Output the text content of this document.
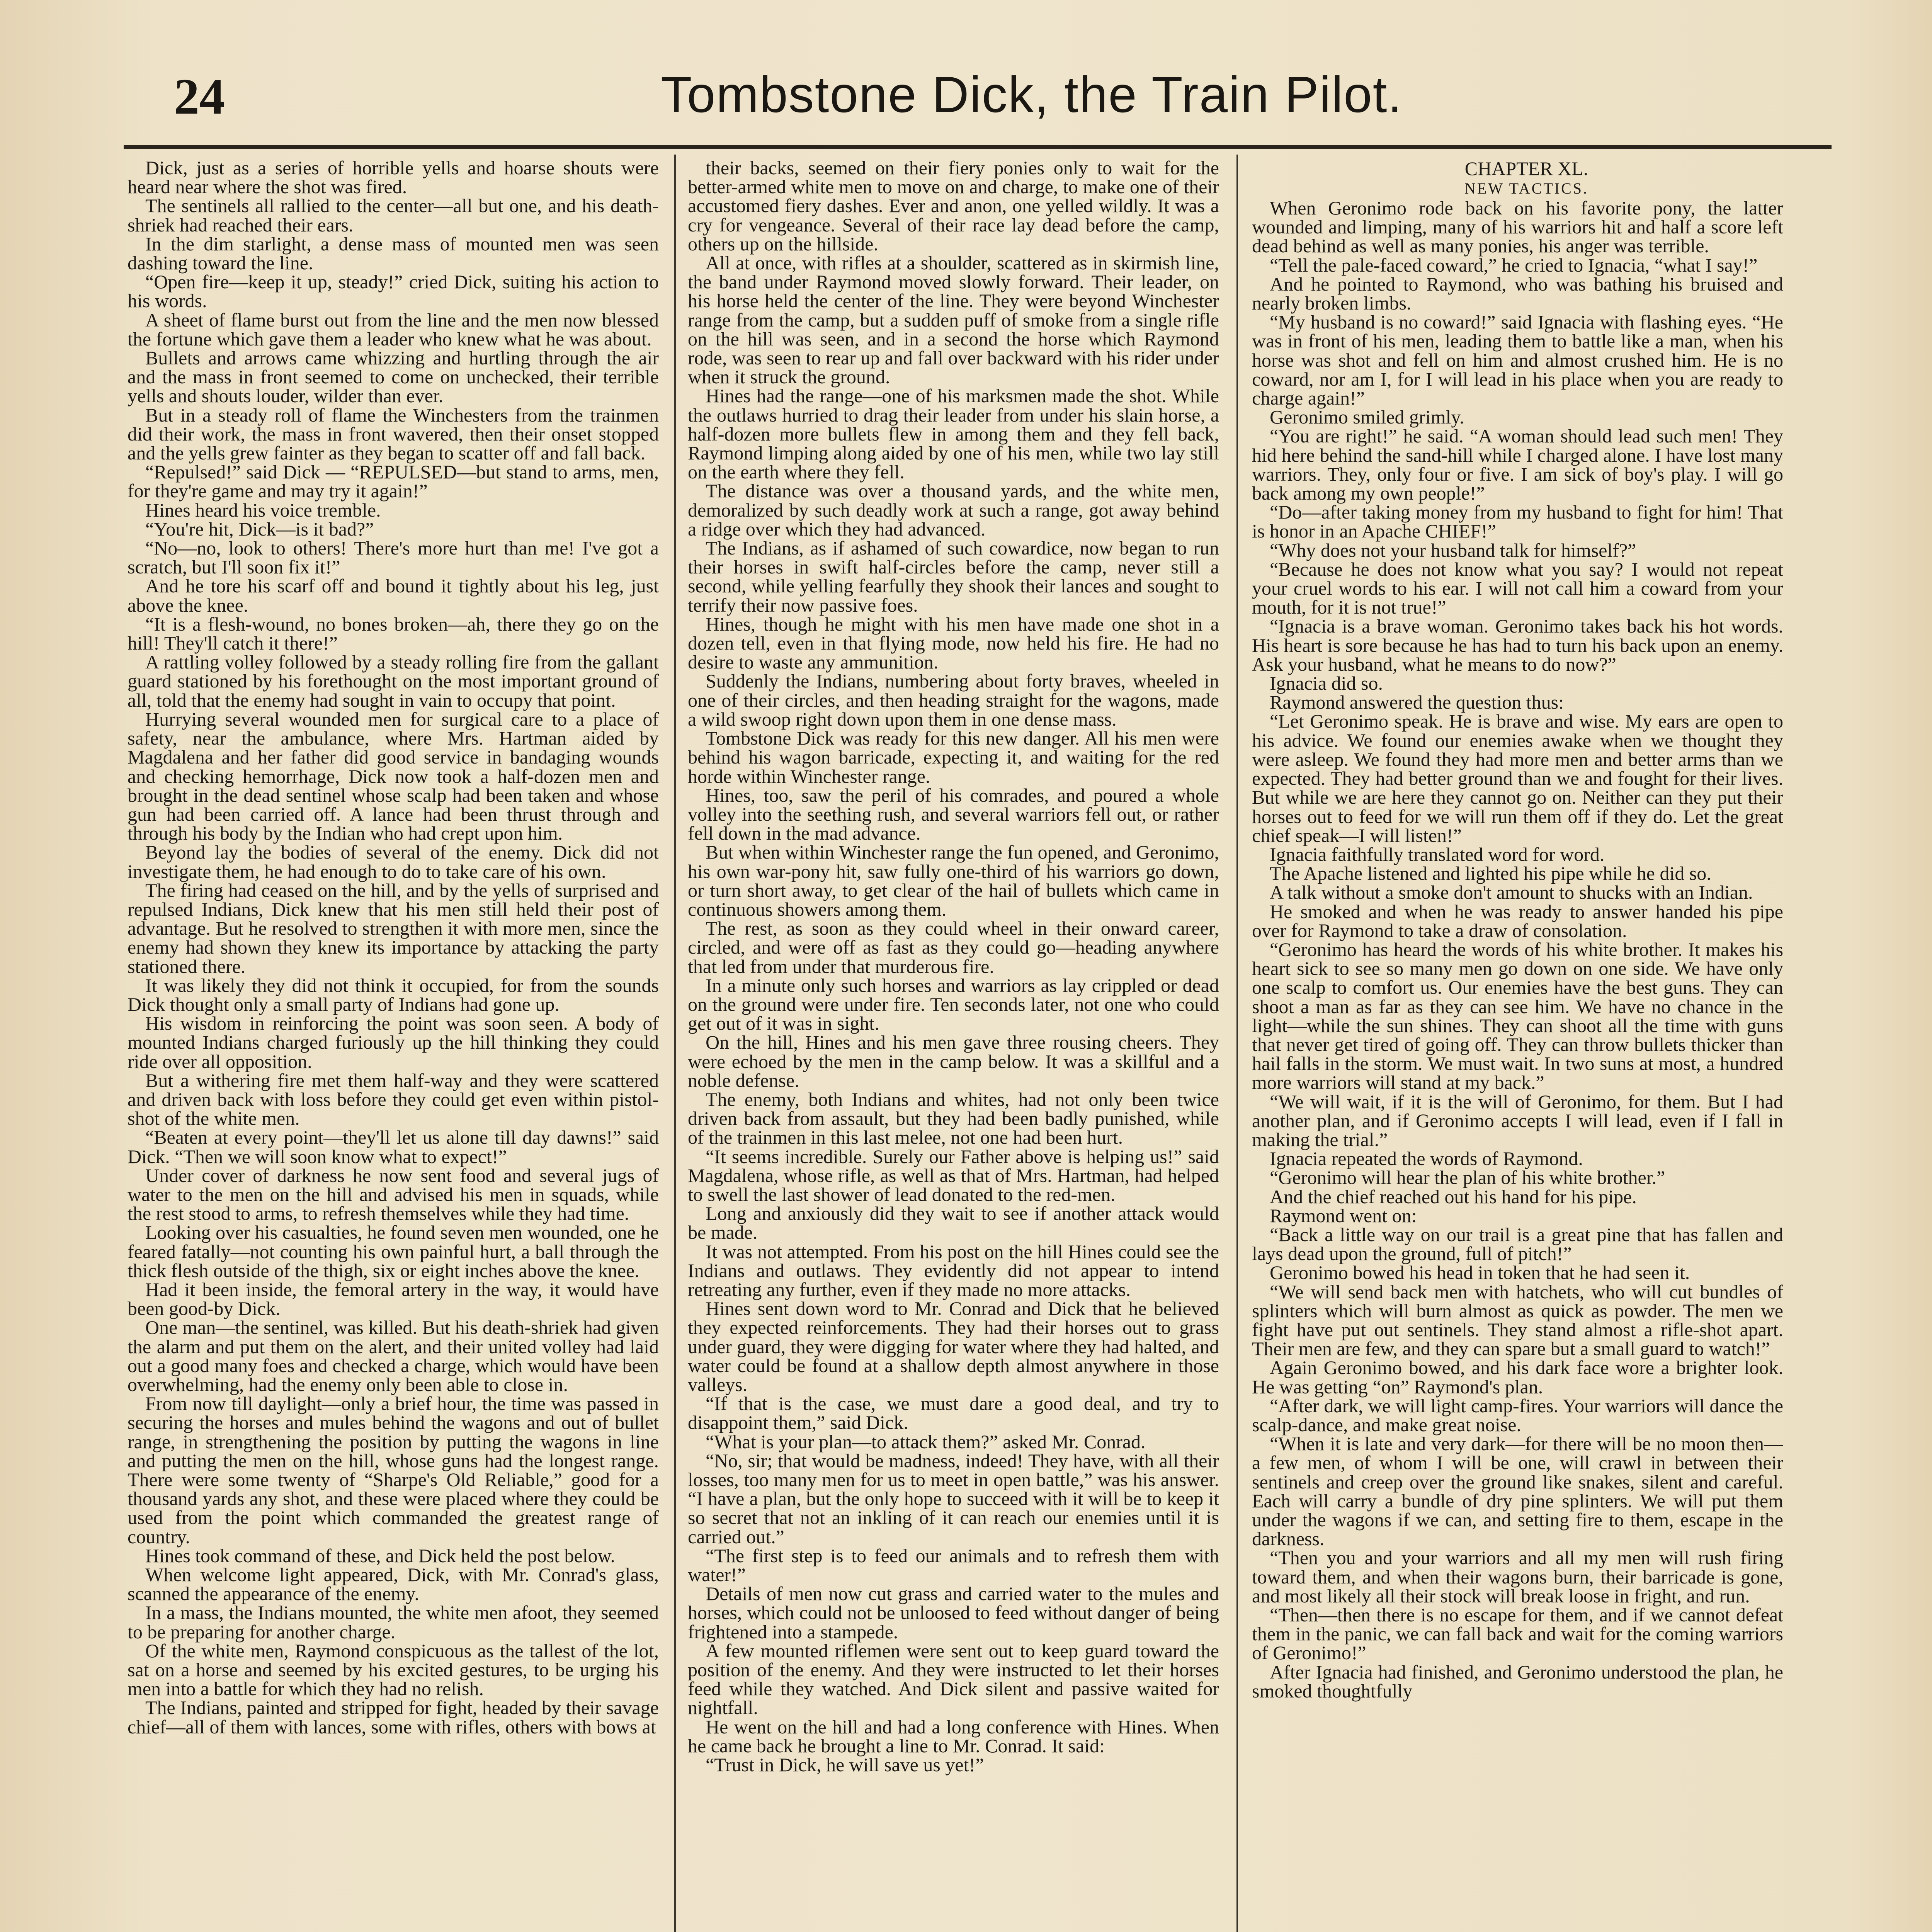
24	Tombstone Dick, the Train Pilot.

Dick, just as a series of horrible yells and hoarse shouts were heard near where the shot was fired.

The sentinels all rallied to the center—all but one, and his death-shriek had reached their ears.

In the dim starlight, a dense mass of mounted men was seen dashing toward the line.

“Open fire—keep it up, steady!” cried Dick, suiting his action to his words.

A sheet of flame burst out from the line and the men now blessed the fortune which gave them a leader who knew what he was about.

Bullets and arrows came whizzing and hurtling through the air and the mass in front seemed to come on unchecked, their terrible yells and shouts louder, wilder than ever.

But in a steady roll of flame the Winchesters from the trainmen did their work, the mass in front wavered, then their onset stopped and the yells grew fainter as they began to scatter off and fall back.

“Repulsed!” said Dick — “REPULSED—but stand to arms, men, for they're game and may try it again!”

Hines heard his voice tremble.

“You're hit, Dick—is it bad?”

“No—no, look to others! There's more hurt than me! I've got a scratch, but I'll soon fix it!”

And he tore his scarf off and bound it tightly about his leg, just above the knee.

“It is a flesh-wound, no bones broken—ah, there they go on the hill! They'll catch it there!”

A rattling volley followed by a steady rolling fire from the gallant guard stationed by his forethought on the most important ground of all, told that the enemy had sought in vain to occupy that point.

Hurrying several wounded men for surgical care to a place of safety, near the ambulance, where Mrs. Hartman aided by Magdalena and her father did good service in bandaging wounds and checking hemorrhage, Dick now took a half-dozen men and brought in the dead sentinel whose scalp had been taken and whose gun had been carried off. A lance had been thrust through and through his body by the Indian who had crept upon him.

Beyond lay the bodies of several of the enemy. Dick did not investigate them, he had enough to do to take care of his own.

The firing had ceased on the hill, and by the yells of surprised and repulsed Indians, Dick knew that his men still held their post of advantage. But he resolved to strengthen it with more men, since the enemy had shown they knew its importance by attacking the party stationed there.

It was likely they did not think it occupied, for from the sounds Dick thought only a small party of Indians had gone up.

His wisdom in reinforcing the point was soon seen. A body of mounted Indians charged furiously up the hill thinking they could ride over all opposition.

But a withering fire met them half-way and they were scattered and driven back with loss before they could get even within pistol-shot of the white men.

“Beaten at every point—they'll let us alone till day dawns!” said Dick. “Then we will soon know what to expect!”

Under cover of darkness he now sent food and several jugs of water to the men on the hill and advised his men in squads, while the rest stood to arms, to refresh themselves while they had time.

Looking over his casualties, he found seven men wounded, one he feared fatally—not counting his own painful hurt, a ball through the thick flesh outside of the thigh, six or eight inches above the knee.

Had it been inside, the femoral artery in the way, it would have been good-by Dick.

One man—the sentinel, was killed. But his death-shriek had given the alarm and put them on the alert, and their united volley had laid out a good many foes and checked a charge, which would have been overwhelming, had the enemy only been able to close in.

From now till daylight—only a brief hour, the time was passed in securing the horses and mules behind the wagons and out of bullet range, in strengthening the position by putting the wagons in line and putting the men on the hill, whose guns had the longest range. There were some twenty of “Sharpe's Old Reliable,” good for a thousand yards any shot, and these were placed where they could be used from the point which commanded the greatest range of country.

Hines took command of these, and Dick held the post below.

When welcome light appeared, Dick, with Mr. Conrad's glass, scanned the appearance of the enemy.

In a mass, the Indians mounted, the white men afoot, they seemed to be preparing for another charge.

Of the white men, Raymond conspicuous as the tallest of the lot, sat on a horse and seemed by his excited gestures, to be urging his men into a battle for which they had no relish.

The Indians, painted and stripped for fight, headed by their savage chief—all of them with lances, some with rifles, others with bows at

their backs, seemed on their fiery ponies only to wait for the better-armed white men to move on and charge, to make one of their accustomed fiery dashes. Ever and anon, one yelled wildly. It was a cry for vengeance. Several of their race lay dead before the camp, others up on the hillside.

All at once, with rifles at a shoulder, scattered as in skirmish line, the band under Raymond moved slowly forward. Their leader, on his horse held the center of the line. They were beyond Winchester range from the camp, but a sudden puff of smoke from a single rifle on the hill was seen, and in a second the horse which Raymond rode, was seen to rear up and fall over backward with his rider under when it struck the ground.

Hines had the range—one of his marksmen made the shot. While the outlaws hurried to drag their leader from under his slain horse, a half-dozen more bullets flew in among them and they fell back, Raymond limping along aided by one of his men, while two lay still on the earth where they fell.

The distance was over a thousand yards, and the white men, demoralized by such deadly work at such a range, got away behind a ridge over which they had advanced.

The Indians, as if ashamed of such cowardice, now began to run their horses in swift half-circles before the camp, never still a second, while yelling fearfully they shook their lances and sought to terrify their now passive foes.

Hines, though he might with his men have made one shot in a dozen tell, even in that flying mode, now held his fire. He had no desire to waste any ammunition.

Suddenly the Indians, numbering about forty braves, wheeled in one of their circles, and then heading straight for the wagons, made a wild swoop right down upon them in one dense mass.

Tombstone Dick was ready for this new danger. All his men were behind his wagon barricade, expecting it, and waiting for the red horde within Winchester range.

Hines, too, saw the peril of his comrades, and poured a whole volley into the seething rush, and several warriors fell out, or rather fell down in the mad advance.

But when within Winchester range the fun opened, and Geronimo, his own war-pony hit, saw fully one-third of his warriors go down, or turn short away, to get clear of the hail of bullets which came in continuous showers among them.

The rest, as soon as they could wheel in their onward career, circled, and were off as fast as they could go—heading anywhere that led from under that murderous fire.

In a minute only such horses and warriors as lay crippled or dead on the ground were under fire. Ten seconds later, not one who could get out of it was in sight.

On the hill, Hines and his men gave three rousing cheers. They were echoed by the men in the camp below. It was a skillful and a noble defense.

The enemy, both Indians and whites, had not only been twice driven back from assault, but they had been badly punished, while of the trainmen in this last melee, not one had been hurt.

“It seems incredible. Surely our Father above is helping us!” said Magdalena, whose rifle, as well as that of Mrs. Hartman, had helped to swell the last shower of lead donated to the red-men.

Long and anxiously did they wait to see if another attack would be made.

It was not attempted. From his post on the hill Hines could see the Indians and outlaws. They evidently did not appear to intend retreating any further, even if they made no more attacks.

Hines sent down word to Mr. Conrad and Dick that he believed they expected reinforcements. They had their horses out to grass under guard, they were digging for water where they had halted, and water could be found at a shallow depth almost anywhere in those valleys.

“If that is the case, we must dare a good deal, and try to disappoint them,” said Dick.

“What is your plan—to attack them?” asked Mr. Conrad.

“No, sir; that would be madness, indeed! They have, with all their losses, too many men for us to meet in open battle,” was his answer. “I have a plan, but the only hope to succeed with it will be to keep it so secret that not an inkling of it can reach our enemies until it is carried out.”

“The first step is to feed our animals and to refresh them with water!”

Details of men now cut grass and carried water to the mules and horses, which could not be unloosed to feed without danger of being frightened into a stampede.

A few mounted riflemen were sent out to keep guard toward the position of the enemy. And they were instructed to let their horses feed while they watched. And Dick silent and passive waited for nightfall.

He went on the hill and had a long conference with Hines. When he came back he brought a line to Mr. Conrad. It said:

“Trust in Dick, he will save us yet!”

CHAPTER XL.

NEW TACTICS.

When Geronimo rode back on his favorite pony, the latter wounded and limping, many of his warriors hit and half a score left dead behind as well as many ponies, his anger was terrible.

“Tell the pale-faced coward,” he cried to Ignacia, “what I say!”

And he pointed to Raymond, who was bathing his bruised and nearly broken limbs.

“My husband is no coward!” said Ignacia with flashing eyes. “He was in front of his men, leading them to battle like a man, when his horse was shot and fell on him and almost crushed him. He is no coward, nor am I, for I will lead in his place when you are ready to charge again!”

Geronimo smiled grimly.

“You are right!” he said. “A woman should lead such men! They hid here behind the sand-hill while I charged alone. I have lost many warriors. They, only four or five. I am sick of boy's play. I will go back among my own people!”

“Do—after taking money from my husband to fight for him! That is honor in an Apache CHIEF!”

“Why does not your husband talk for himself?”

“Because he does not know what you say? I would not repeat your cruel words to his ear. I will not call him a coward from your mouth, for it is not true!”

“Ignacia is a brave woman. Geronimo takes back his hot words. His heart is sore because he has had to turn his back upon an enemy. Ask your husband, what he means to do now?”

Ignacia did so.

Raymond answered the question thus:

“Let Geronimo speak. He is brave and wise. My ears are open to his advice. We found our enemies awake when we thought they were asleep. We found they had more men and better arms than we expected. They had better ground than we and fought for their lives. But while we are here they cannot go on. Neither can they put their horses out to feed for we will run them off if they do. Let the great chief speak—I will listen!”

Ignacia faithfully translated word for word.

The Apache listened and lighted his pipe while he did so.

A talk without a smoke don't amount to shucks with an Indian.

He smoked and when he was ready to answer handed his pipe over for Raymond to take a draw of consolation.

“Geronimo has heard the words of his white brother. It makes his heart sick to see so many men go down on one side. We have only one scalp to comfort us. Our enemies have the best guns. They can shoot a man as far as they can see him. We have no chance in the light—while the sun shines. They can shoot all the time with guns that never get tired of going off. They can throw bullets thicker than hail falls in the storm. We must wait. In two suns at most, a hundred more warriors will stand at my back.”

“We will wait, if it is the will of Geronimo, for them. But I had another plan, and if Geronimo accepts I will lead, even if I fall in making the trial.”

Ignacia repeated the words of Raymond.

“Geronimo will hear the plan of his white brother.”

And the chief reached out his hand for his pipe.

Raymond went on:

“Back a little way on our trail is a great pine that has fallen and lays dead upon the ground, full of pitch!”

Geronimo bowed his head in token that he had seen it.

“We will send back men with hatchets, who will cut bundles of splinters which will burn almost as quick as powder. The men we fight have put out sentinels. They stand almost a rifle-shot apart. Their men are few, and they can spare but a small guard to watch!”

Again Geronimo bowed, and his dark face wore a brighter look. He was getting “on” Raymond's plan.

“After dark, we will light camp-fires. Your warriors will dance the scalp-dance, and make great noise.

“When it is late and very dark—for there will be no moon then—a few men, of whom I will be one, will crawl in between their sentinels and creep over the ground like snakes, silent and careful. Each will carry a bundle of dry pine splinters. We will put them under the wagons if we can, and setting fire to them, escape in the darkness.

“Then you and your warriors and all my men will rush firing toward them, and when their wagons burn, their barricade is gone, and most likely all their stock will break loose in fright, and run.

“Then—then there is no escape for them, and if we cannot defeat them in the panic, we can fall back and wait for the coming warriors of Geronimo!”

After Ignacia had finished, and Geronimo understood the plan, he smoked thoughtfully
